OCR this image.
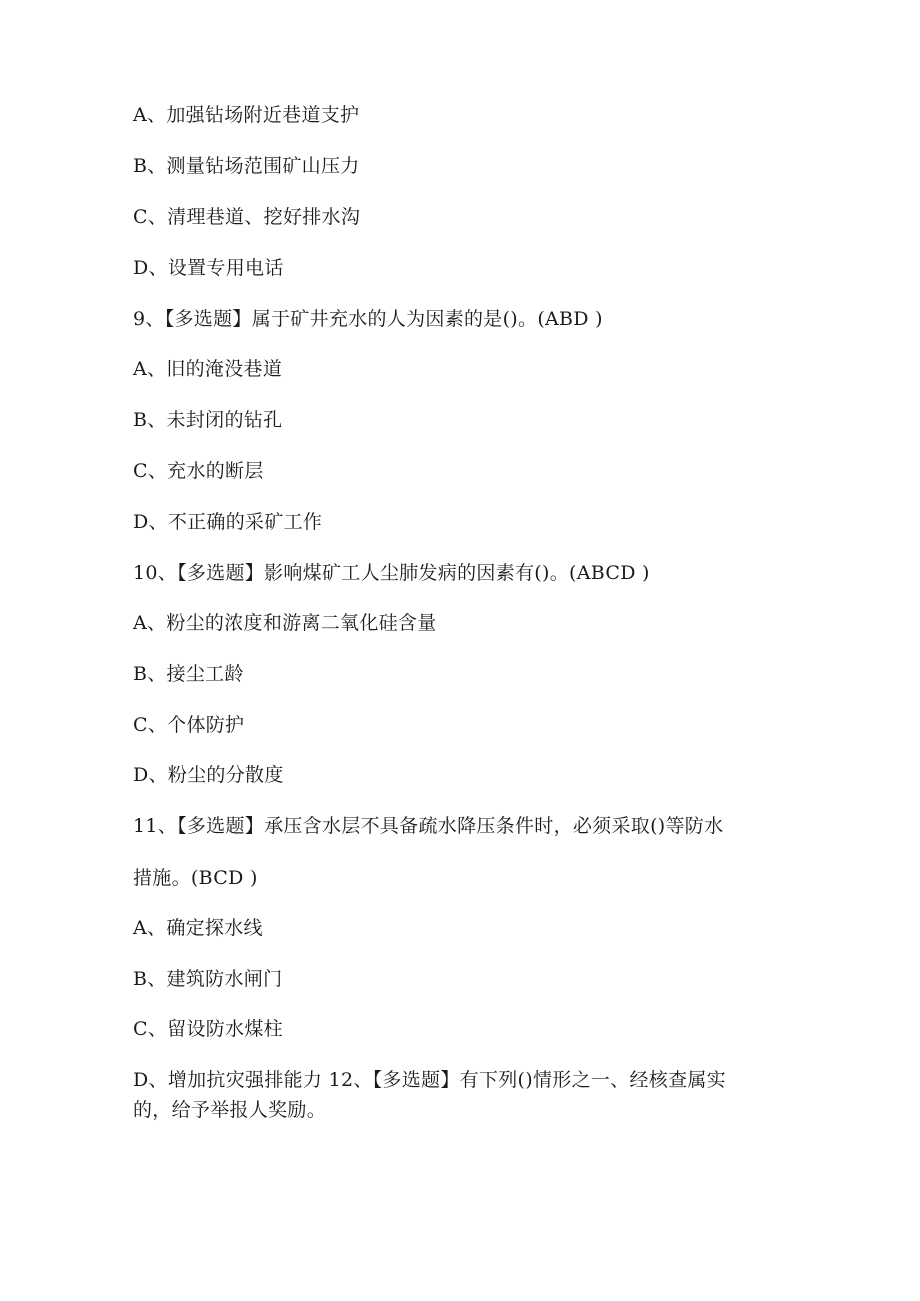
A、加强钻场附近巷道支护
B、测量钻场范围矿山压力
C、清理巷道、挖好排水沟
D、设置专用电话
9、【多选题】属于矿井充水的人为因素的是()。(ABD )
A、旧的淹没巷道
B、未封闭的钻孔
C、充水的断层
D、不正确的采矿工作
10、【多选题】影响煤矿工人尘肺发病的因素有()。(ABCD )
A、粉尘的浓度和游离二氧化硅含量
B、接尘工龄
C、个体防护
D、粉尘的分散度
11、【多选题】承压含水层不具备疏水降压条件时，必须采取()等防水
措施。(BCD )
A、确定探水线
B、建筑防水闸门
C、留设防水煤柱
D、增加抗灾强排能力 12、【多选题】有下列()情形之一、经核查属实
的，给予举报人奖励。
